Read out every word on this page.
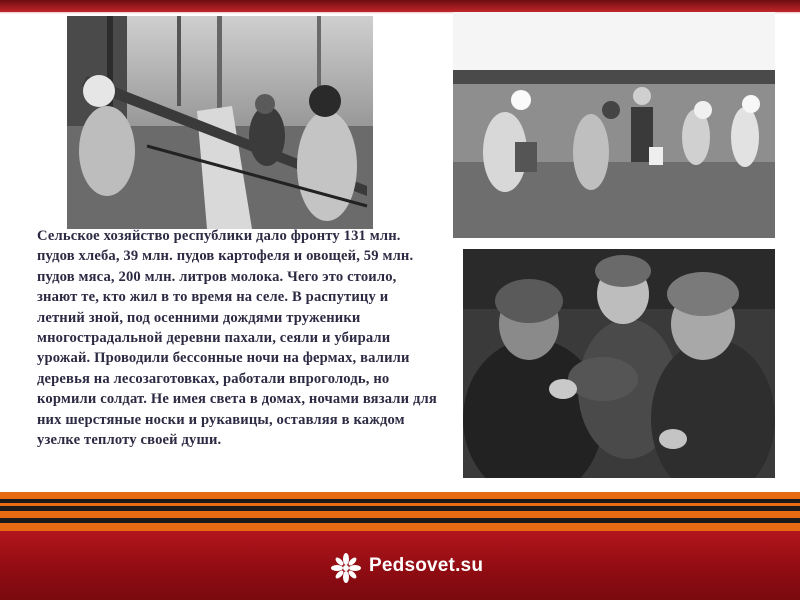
Сельское хозяйство республики дало фронту 131 млн. пудов хлеба, 39 млн. пудов картофеля и овощей, 59 млн. пудов мяса, 200 млн. литров молока. Чего это стоило, знают те, кто жил в то время на селе. В распутицу и летний зной, под осенними дождями труженики многострадальной деревни пахали, сеяли и убирали урожай. Проводили бессонные ночи на фермах, валили деревья на лесозаготовках, работали впроголодь, но кормили солдат. Не имея света в домах, ночами вязали для них шерстяные носки и рукавицы, оставляя в каждом узелке теплоту своей души.
Pedsovet.su
